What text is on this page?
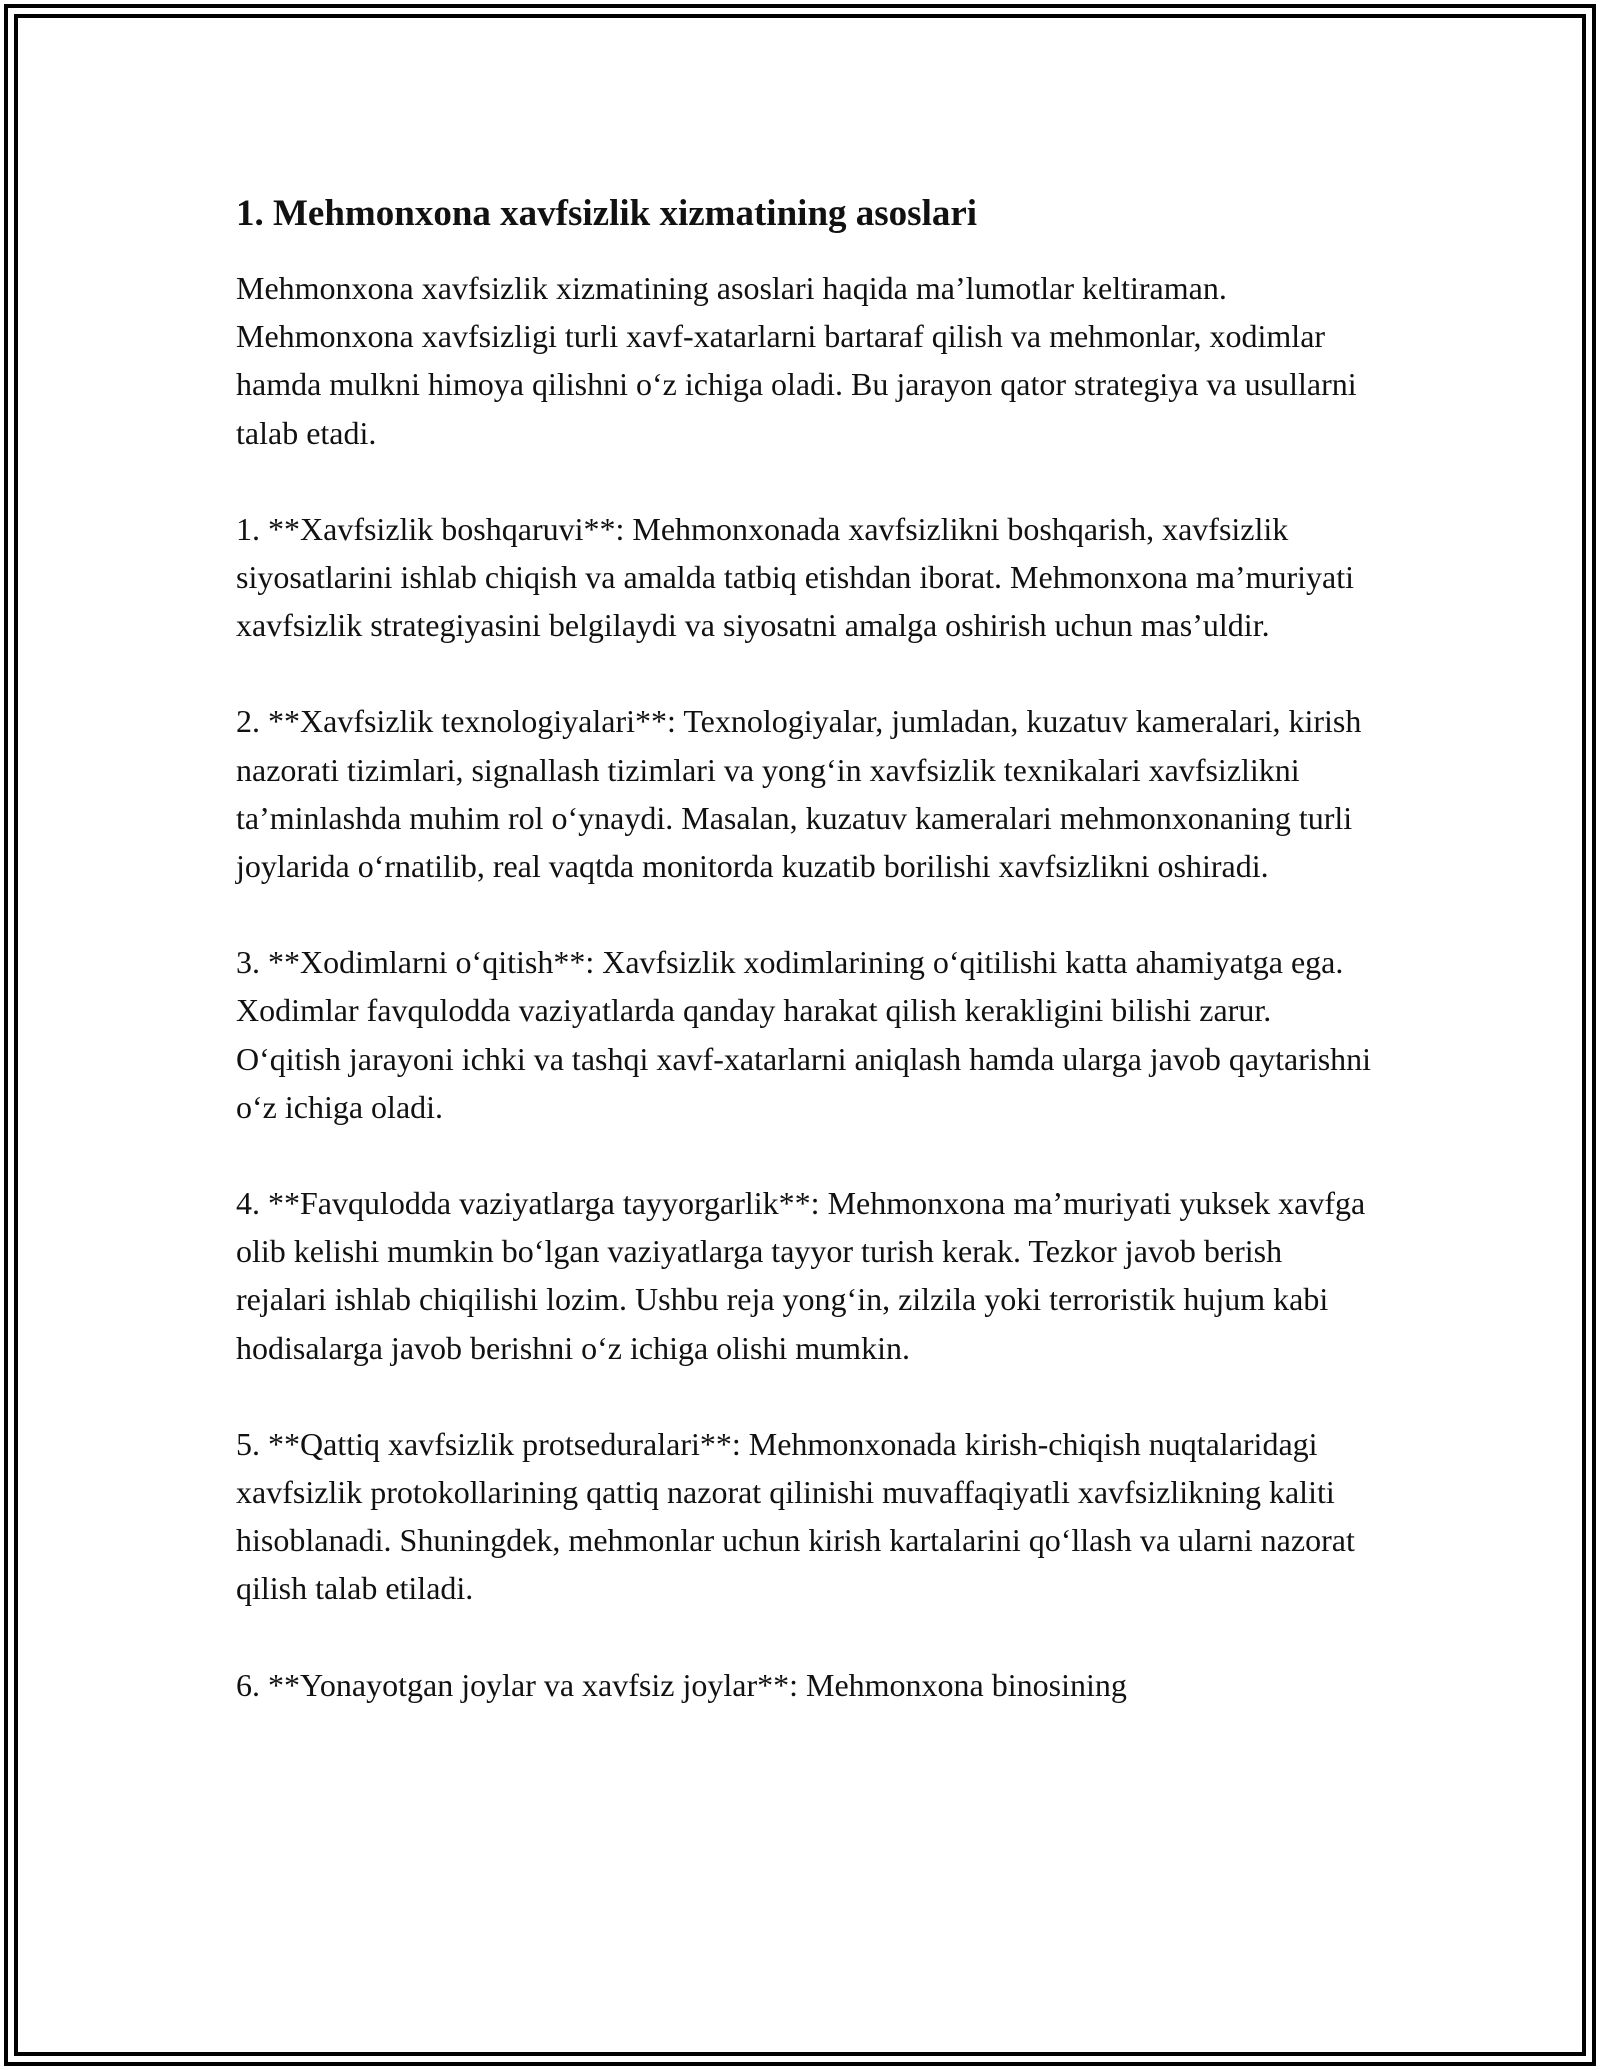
1. Mehmonxona xavfsizlik xizmatining asoslari

Mehmonxona xavfsizlik xizmatining asoslari haqida ma’lumotlar keltiraman. Mehmonxona xavfsizligi turli xavf-xatarlarni bartaraf qilish va mehmonlar, xodimlar hamda mulkni himoya qilishni o‘z ichiga oladi. Bu jarayon qator strategiya va usullarni talab etadi.

1. **Xavfsizlik boshqaruvi**: Mehmonxonada xavfsizlikni boshqarish, xavfsizlik siyosatlarini ishlab chiqish va amalda tatbiq etishdan iborat. Mehmonxona ma’muriyati xavfsizlik strategiyasini belgilaydi va siyosatni amalga oshirish uchun mas’uldir.

2. **Xavfsizlik texnologiyalari**: Texnologiyalar, jumladan, kuzatuv kameralari, kirish nazorati tizimlari, signallash tizimlari va yong‘in xavfsizlik texnikalari xavfsizlikni ta’minlashda muhim rol o‘ynaydi. Masalan, kuzatuv kameralari mehmonxonaning turli joylarida o‘rnatilib, real vaqtda monitorda kuzatib borilishi xavfsizlikni oshiradi.

3. **Xodimlarni o‘qitish**: Xavfsizlik xodimlarining o‘qitilishi katta ahamiyatga ega. Xodimlar favqulodda vaziyatlarda qanday harakat qilish kerakligini bilishi zarur. O‘qitish jarayoni ichki va tashqi xavf-xatarlarni aniqlash hamda ularga javob qaytarishni o‘z ichiga oladi.

4. **Favqulodda vaziyatlarga tayyorgarlik**: Mehmonxona ma’muriyati yuksek xavfga olib kelishi mumkin bo‘lgan vaziyatlarga tayyor turish kerak. Tezkor javob berish rejalari ishlab chiqilishi lozim. Ushbu reja yong‘in, zilzila yoki terroristik hujum kabi hodisalarga javob berishni o‘z ichiga olishi mumkin.

5. **Qattiq xavfsizlik protseduralari**: Mehmonxonada kirish-chiqish nuqtalaridagi xavfsizlik protokollarining qattiq nazorat qilinishi muvaffaqiyatli xavfsizlikning kaliti hisoblanadi. Shuningdek, mehmonlar uchun kirish kartalarini qo‘llash va ularni nazorat qilish talab etiladi.

6. **Yonayotgan joylar va xavfsiz joylar**: Mehmonxona binosining
